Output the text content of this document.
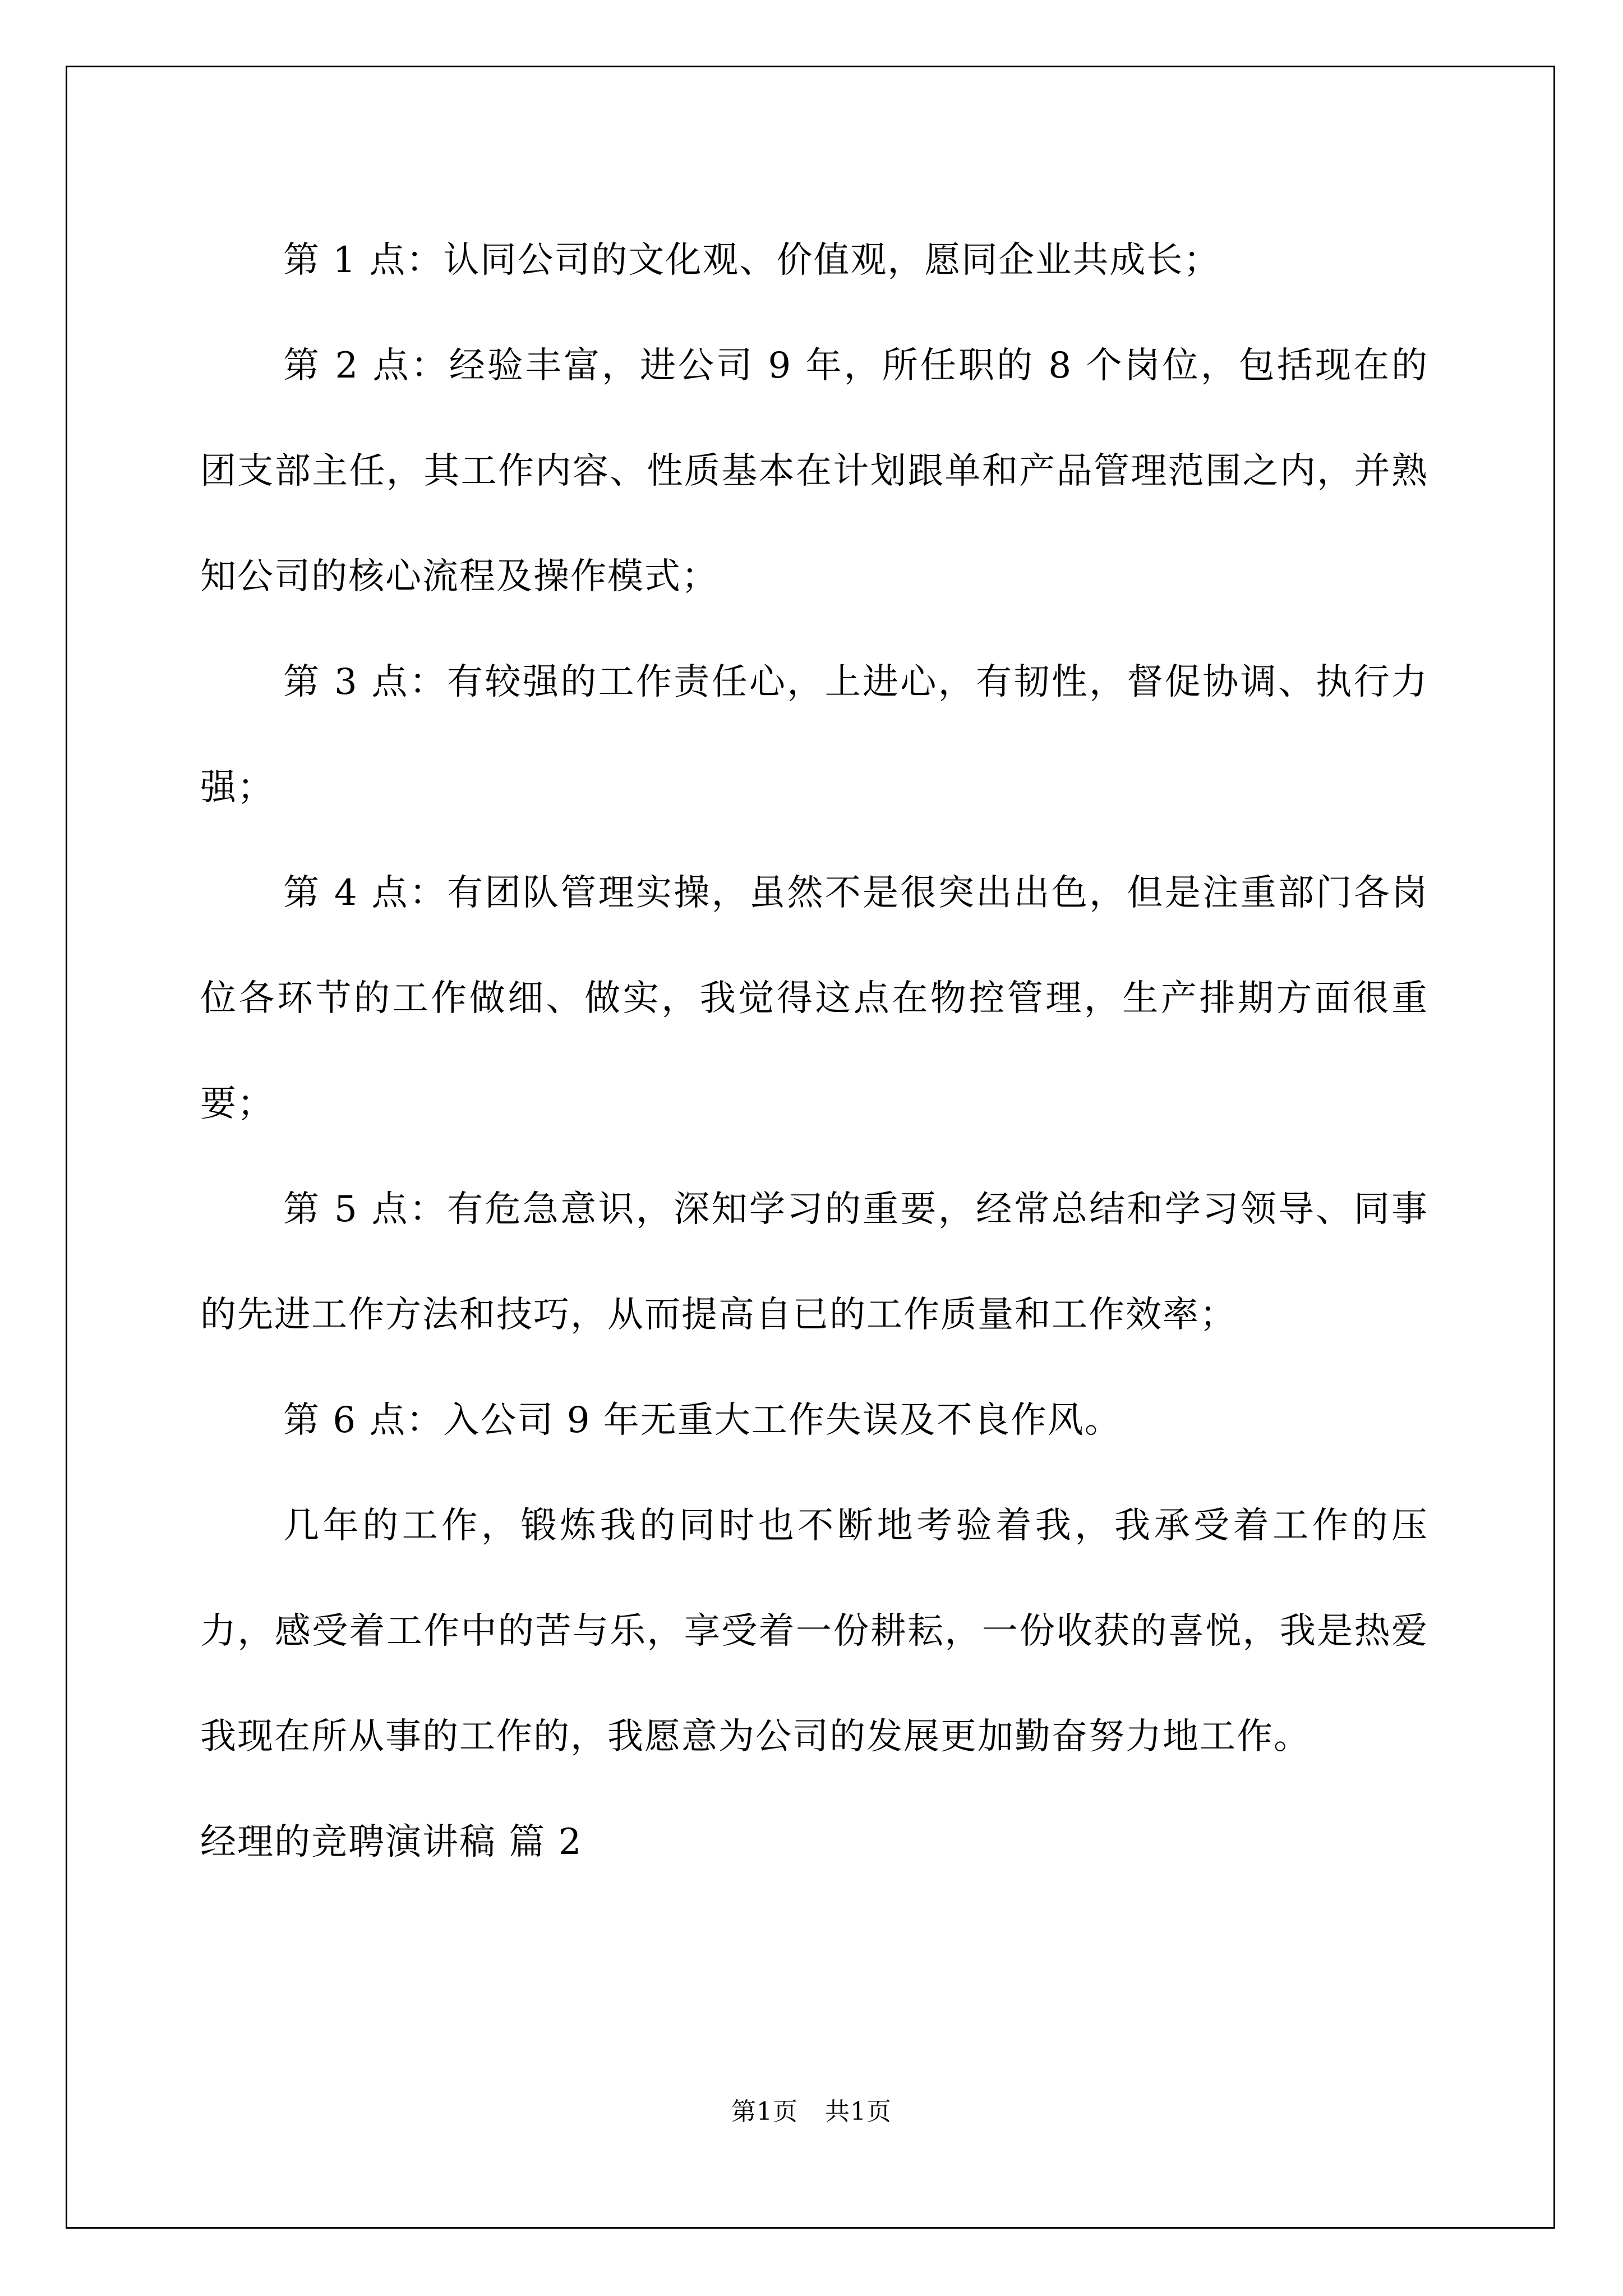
第 1 点：认同公司的文化观、价值观，愿同企业共成长；

第 2 点：经验丰富，进公司 9 年，所任职的 8 个岗位，包括现在的团支部主任，其工作内容、性质基本在计划跟单和产品管理范围之内，并熟知公司的核心流程及操作模式；

第 3 点：有较强的工作责任心，上进心，有韧性，督促协调、执行力强；

第 4 点：有团队管理实操，虽然不是很突出出色，但是注重部门各岗位各环节的工作做细、做实，我觉得这点在物控管理，生产排期方面很重要；

第 5 点：有危急意识，深知学习的重要，经常总结和学习领导、同事的先进工作方法和技巧，从而提高自已的工作质量和工作效率；

第 6 点：入公司 9 年无重大工作失误及不良作风。

几年的工作，锻炼我的同时也不断地考验着我，我承受着工作的压力，感受着工作中的苦与乐，享受着一份耕耘，一份收获的喜悦，我是热爱我现在所从事的工作的，我愿意为公司的发展更加勤奋努力地工作。

经理的竞聘演讲稿 篇 2

第1页 共1页
